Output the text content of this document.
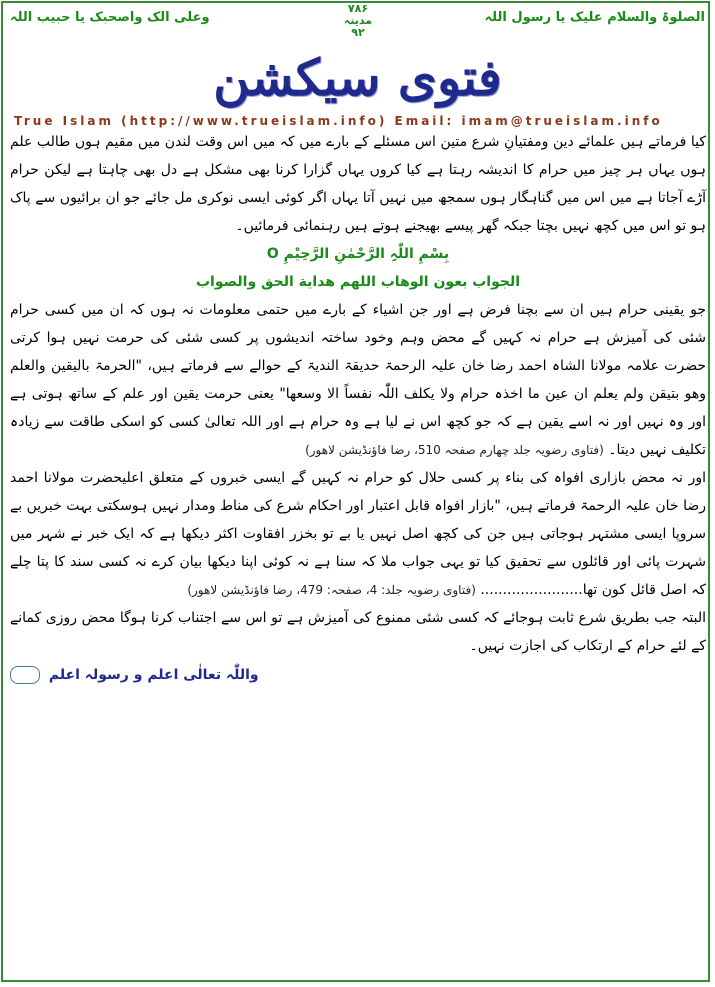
الصلوۃ والسلام علیک یا رسول اللہ
۷۸۶
مدینہ
۹۲
وعلی الک واصحبک یا حبیب اللہ
فتوی سیکشن
True Islam (http://www.trueislam.info) Email: imam@trueislam.info

کیا فرماتے ہیں علمائے دین ومفتیانِ شرع متین اس مسئلے کے بارے میں کہ میں اس وقت لندن میں مقیم ہوں طالب علم ہوں یہاں ہر چیز میں حرام کا اندیشہ رہتا ہے کیا کروں یہاں گزارا کرنا بھی مشکل ہے دل بھی چاہتا ہے لیکن حرام آڑے آجاتا ہے میں اس میں گناہگار ہوں سمجھ میں نہیں آتا یہاں اگر کوئی ایسی نوکری مل جائے جو ان برائیوں سے پاک ہو تو اس میں کچھ نہیں بچتا جبکہ گھر پیسے بھیجنے ہوتے ہیں رہنمائی فرمائیں۔

بِسْمِ اللّٰہِ الرَّحْمٰنِ الرَّحِیْمِ O

الجواب بعون الوهاب اللهم هداية الحق والصواب

جو یقینی حرام ہیں ان سے بچنا فرض ہے اور جن اشیاء کے بارے میں حتمی معلومات نہ ہوں کہ ان میں کسی حرام شئی کی آمیزش ہے حرام نہ کہیں گے محض وہم وخود ساختہ اندیشوں پر کسی شئی کی حرمت نہیں ہوا کرتی حضرت علامہ مولانا الشاہ احمد رضا خان علیہ الرحمۃ حدیقۃ الندیۃ کے حوالے سے فرماتے ہیں، "الحرمۃ بالیقین والعلم وهو بتیقن ولم یعلم ان عین ما اخذہ حرام ولا یکلف اللّٰہ نفساً الا وسعها" یعنی حرمت یقین اور علم کے ساتھ ہوتی ہے اور وہ نہیں اور نہ اسے یقین ہے کہ جو کچھ اس نے لیا ہے وہ حرام ہے اور اللہ تعالیٰ کسی کو اسکی طاقت سے زیادہ تکلیف نہیں دیتا۔ (فتاوی رضویہ جلد چهارم صفحہ 510، رضا فاؤنڈیشن لاهور)

اور نہ محض بازاری افواہ کی بناء پر کسی حلال کو حرام نہ کہیں گے ایسی خبروں کے متعلق اعلیحضرت مولانا احمد رضا خان علیہ الرحمۃ فرماتے ہیں، "بازار افواہ قابل اعتبار اور احکام شرع کی مناط ومدار نہیں ہوسکتی بہت خبریں بے سروپا ایسی مشتہر ہوجاتی ہیں جن کی کچھ اصل نہیں یا بے تو بخزر افقاوت اکثر دیکھا ہے کہ ایک خبر نے شہر میں شہرت پائی اور قائلوں سے تحقیق کیا تو یہی جواب ملا کہ سنا ہے نہ کوئی اپنا دیکھا بیان کرے نہ کسی سند کا پتا چلے کہ اصل قائل کون تھا....................... (فتاوی رضویہ جلد: 4، صفحہ: 479، رضا فاؤنڈیشن لاهور)

البتہ جب بطریق شرع ثابت ہوجائے کہ کسی شئی ممنوع کی آمیزش ہے تو اس سے اجتناب کرنا ہوگا محض روزی کمانے کے لئے حرام کے ارتکاب کی اجازت نہیں۔

واللّٰہ تعالٰی اعلم و رسولہ اعلم
